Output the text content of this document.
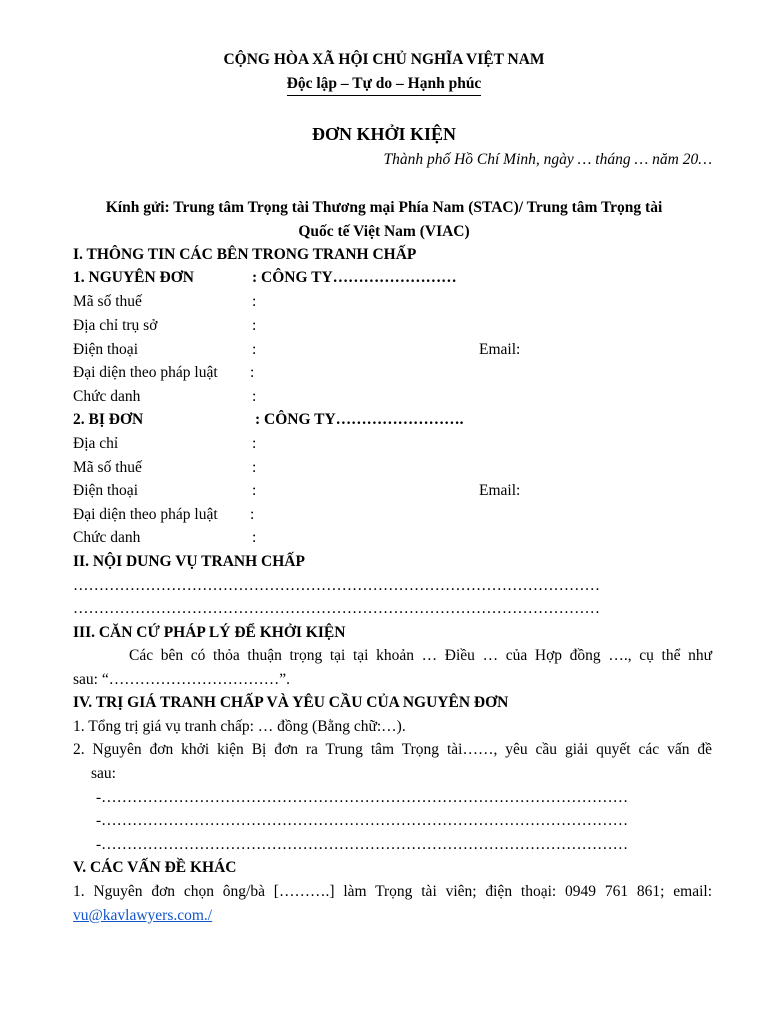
CỘNG HÒA XÃ HỘI CHỦ NGHĨA VIỆT NAM
Độc lập – Tự do – Hạnh phúc
ĐƠN KHỞI KIỆN
Thành phố Hồ Chí Minh, ngày … tháng … năm 20…
Kính gửi: Trung tâm Trọng tài Thương mại Phía Nam (STAC)/ Trung tâm Trọng tài
Quốc tế Việt Nam (VIAC)
I. THÔNG TIN CÁC BÊN TRONG TRANH CHẤP
1. NGUYÊN ĐƠN	: CÔNG TY……………………
Mã số thuế	:
Địa chỉ trụ sở	:
Điện thoại	:	Email:
Đại diện theo pháp luật :
Chức danh	:
2. BỊ ĐƠN	: CÔNG TY…………………….
Địa chỉ	:
Mã số thuế	:
Điện thoại	:	Email:
Đại diện theo pháp luật :
Chức danh	:
II. NỘI DUNG VỤ TRANH CHẤP
…………………………………………………………………………………………
…………………………………………………………………………………………
III. CĂN CỨ PHÁP LÝ ĐỂ KHỞI KIỆN
Các bên có thỏa thuận trọng tại tại khoản … Điều … của Hợp đồng …., cụ thể như
sau: “……………………………”.
IV. TRỊ GIÁ TRANH CHẤP VÀ YÊU CẦU CỦA NGUYÊN ĐƠN
1. Tổng trị giá vụ tranh chấp: … đồng (Bằng chữ:…).
2. Nguyên đơn khởi kiện Bị đơn ra Trung tâm Trọng tài……, yêu cầu giải quyết các vấn đề
sau:
-…………………………………………………………………………………………
-…………………………………………………………………………………………
-…………………………………………………………………………………………
V. CÁC VẤN ĐỀ KHÁC
1. Nguyên đơn chọn ông/bà [……….] làm Trọng tài viên; điện thoại: 0949 761 861; email:
vu@kavlawyers.com./
